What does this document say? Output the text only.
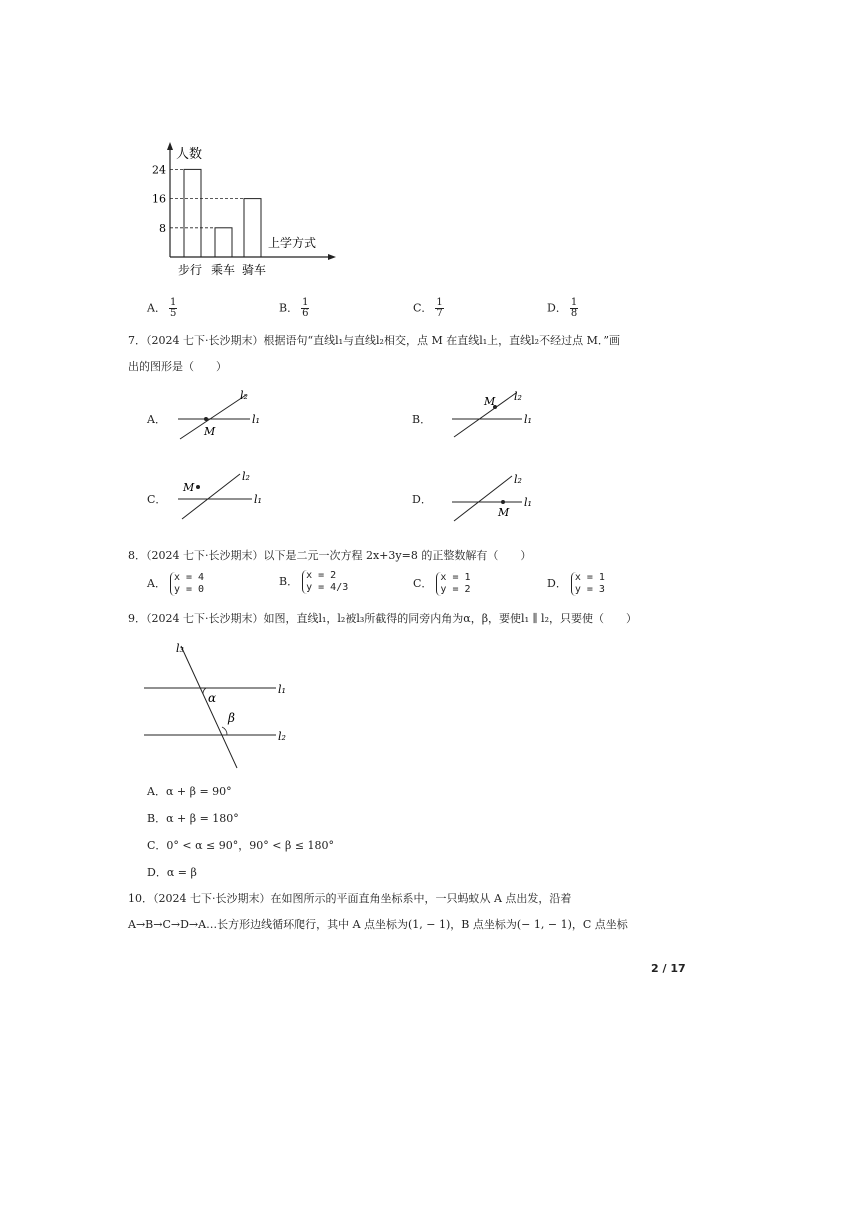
人数
上学方式
24
16
8
步行 乘车 骑车
A． $\frac{1}{5}$	B． $\frac{1}{6}$	C． $\frac{1}{7}$	D． $\frac{1}{8}$
7．（2024 七下·长沙期末）根据语句“直线l₁与直线l₂相交，点 M 在直线l₁上，直线l₂不经过点 M．”画
出的图形是（　　）
A．
l₂
l₁
M
B．
l₂
l₁
M
C．
l₂
l₁
M
D．
l₂
l₁
M
8．（2024 七下·长沙期末）以下是二元一次方程 2x+3y=8 的正整数解有（　　）
A． x = 4
y = 0
B． x = 2
y = 4/3	C． x = 1
y = 2	D． x = 1
y = 3
9．（2024 七下·长沙期末）如图，直线l₁，l₂被l₃所截得的同旁内角为α，β，要使l₁ ∥ l₂，只要使（　　）
l₃
l₁
l₂
α
β
A．α + β = 90°
B．α + β = 180°
C．0° < α ≤ 90°，90° < β ≤ 180°
D．α = β
10．（2024 七下·长沙期末）在如图所示的平面直角坐标系中，一只蚂蚁从 A 点出发，沿着
A→B→C→D→A…长方形边线循环爬行，其中 A 点坐标为(1, − 1)，B 点坐标为(− 1, − 1)，C 点坐标
2 / 17
